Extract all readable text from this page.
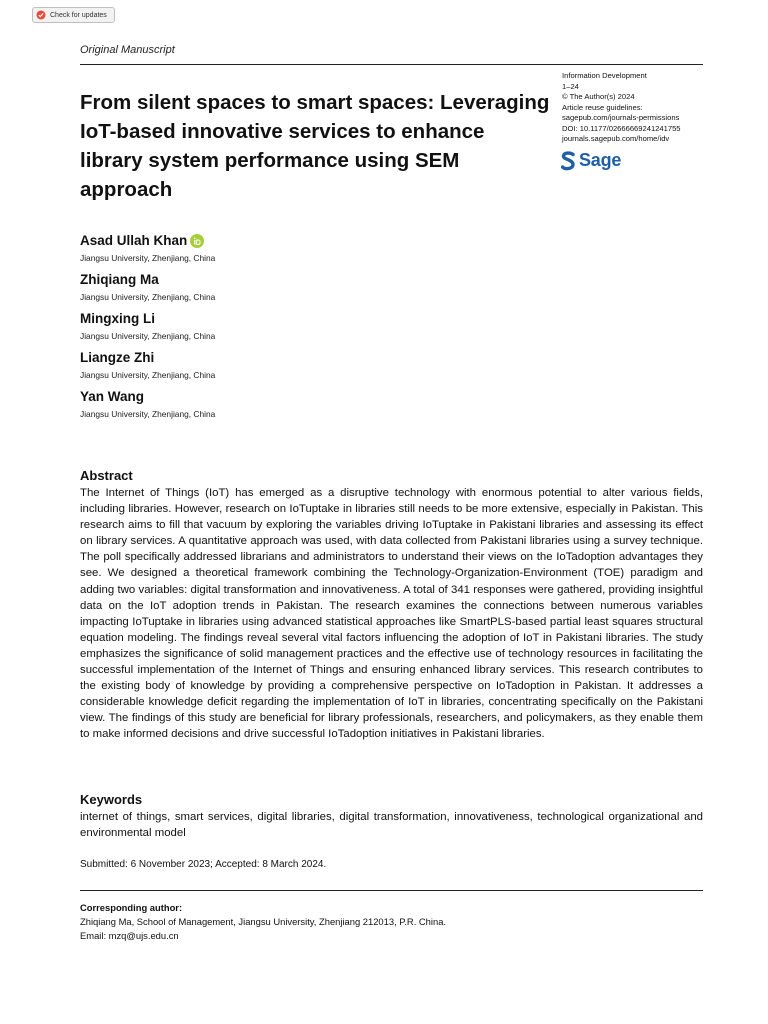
Check for updates
Original Manuscript
From silent spaces to smart spaces: Leveraging IoT-based innovative services to enhance library system performance using SEM approach
Information Development
1–24
© The Author(s) 2024
Article reuse guidelines:
sagepub.com/journals-permissions
DOI: 10.1177/02666669241241755
journals.sagepub.com/home/idv
Sage
Asad Ullah Khan
Jiangsu University, Zhenjiang, China
Zhiqiang Ma
Jiangsu University, Zhenjiang, China
Mingxing Li
Jiangsu University, Zhenjiang, China
Liangze Zhi
Jiangsu University, Zhenjiang, China
Yan Wang
Jiangsu University, Zhenjiang, China
Abstract
The Internet of Things (IoT) has emerged as a disruptive technology with enormous potential to alter various fields, including libraries. However, research on IoTuptake in libraries still needs to be more extensive, especially in Pakistan. This research aims to fill that vacuum by exploring the variables driving IoTuptake in Pakistani libraries and assessing its effect on library services. A quantitative approach was used, with data collected from Pakistani libraries using a survey technique. The poll specifically addressed librarians and administrators to understand their views on the IoTadoption advantages they see. We designed a theoretical framework combining the Technology-Organization-Environment (TOE) paradigm and adding two variables: digital transformation and innovativeness. A total of 341 responses were gathered, providing insightful data on the IoT adoption trends in Pakistan. The research examines the connections between numerous variables impacting IoTuptake in libraries using advanced statistical approaches like SmartPLS-based partial least squares structural equation modeling. The findings reveal several vital factors influencing the adoption of IoT in Pakistani libraries. The study emphasizes the significance of solid management practices and the effective use of technology resources in facilitating the successful implementation of the Internet of Things and ensuring enhanced library services. This research contributes to the existing body of knowledge by providing a comprehensive perspective on IoTadoption in Pakistan. It addresses a considerable knowledge deficit regarding the implementation of IoT in libraries, concentrating specifically on the Pakistani view. The findings of this study are beneficial for library professionals, researchers, and policymakers, as they enable them to make informed decisions and drive successful IoTadoption initiatives in Pakistani libraries.
Keywords
internet of things, smart services, digital libraries, digital transformation, innovativeness, technological organizational and environmental model
Submitted: 6 November 2023; Accepted: 8 March 2024.
Corresponding author:
Zhiqiang Ma, School of Management, Jiangsu University, Zhenjiang 212013, P.R. China.
Email: mzq@ujs.edu.cn
